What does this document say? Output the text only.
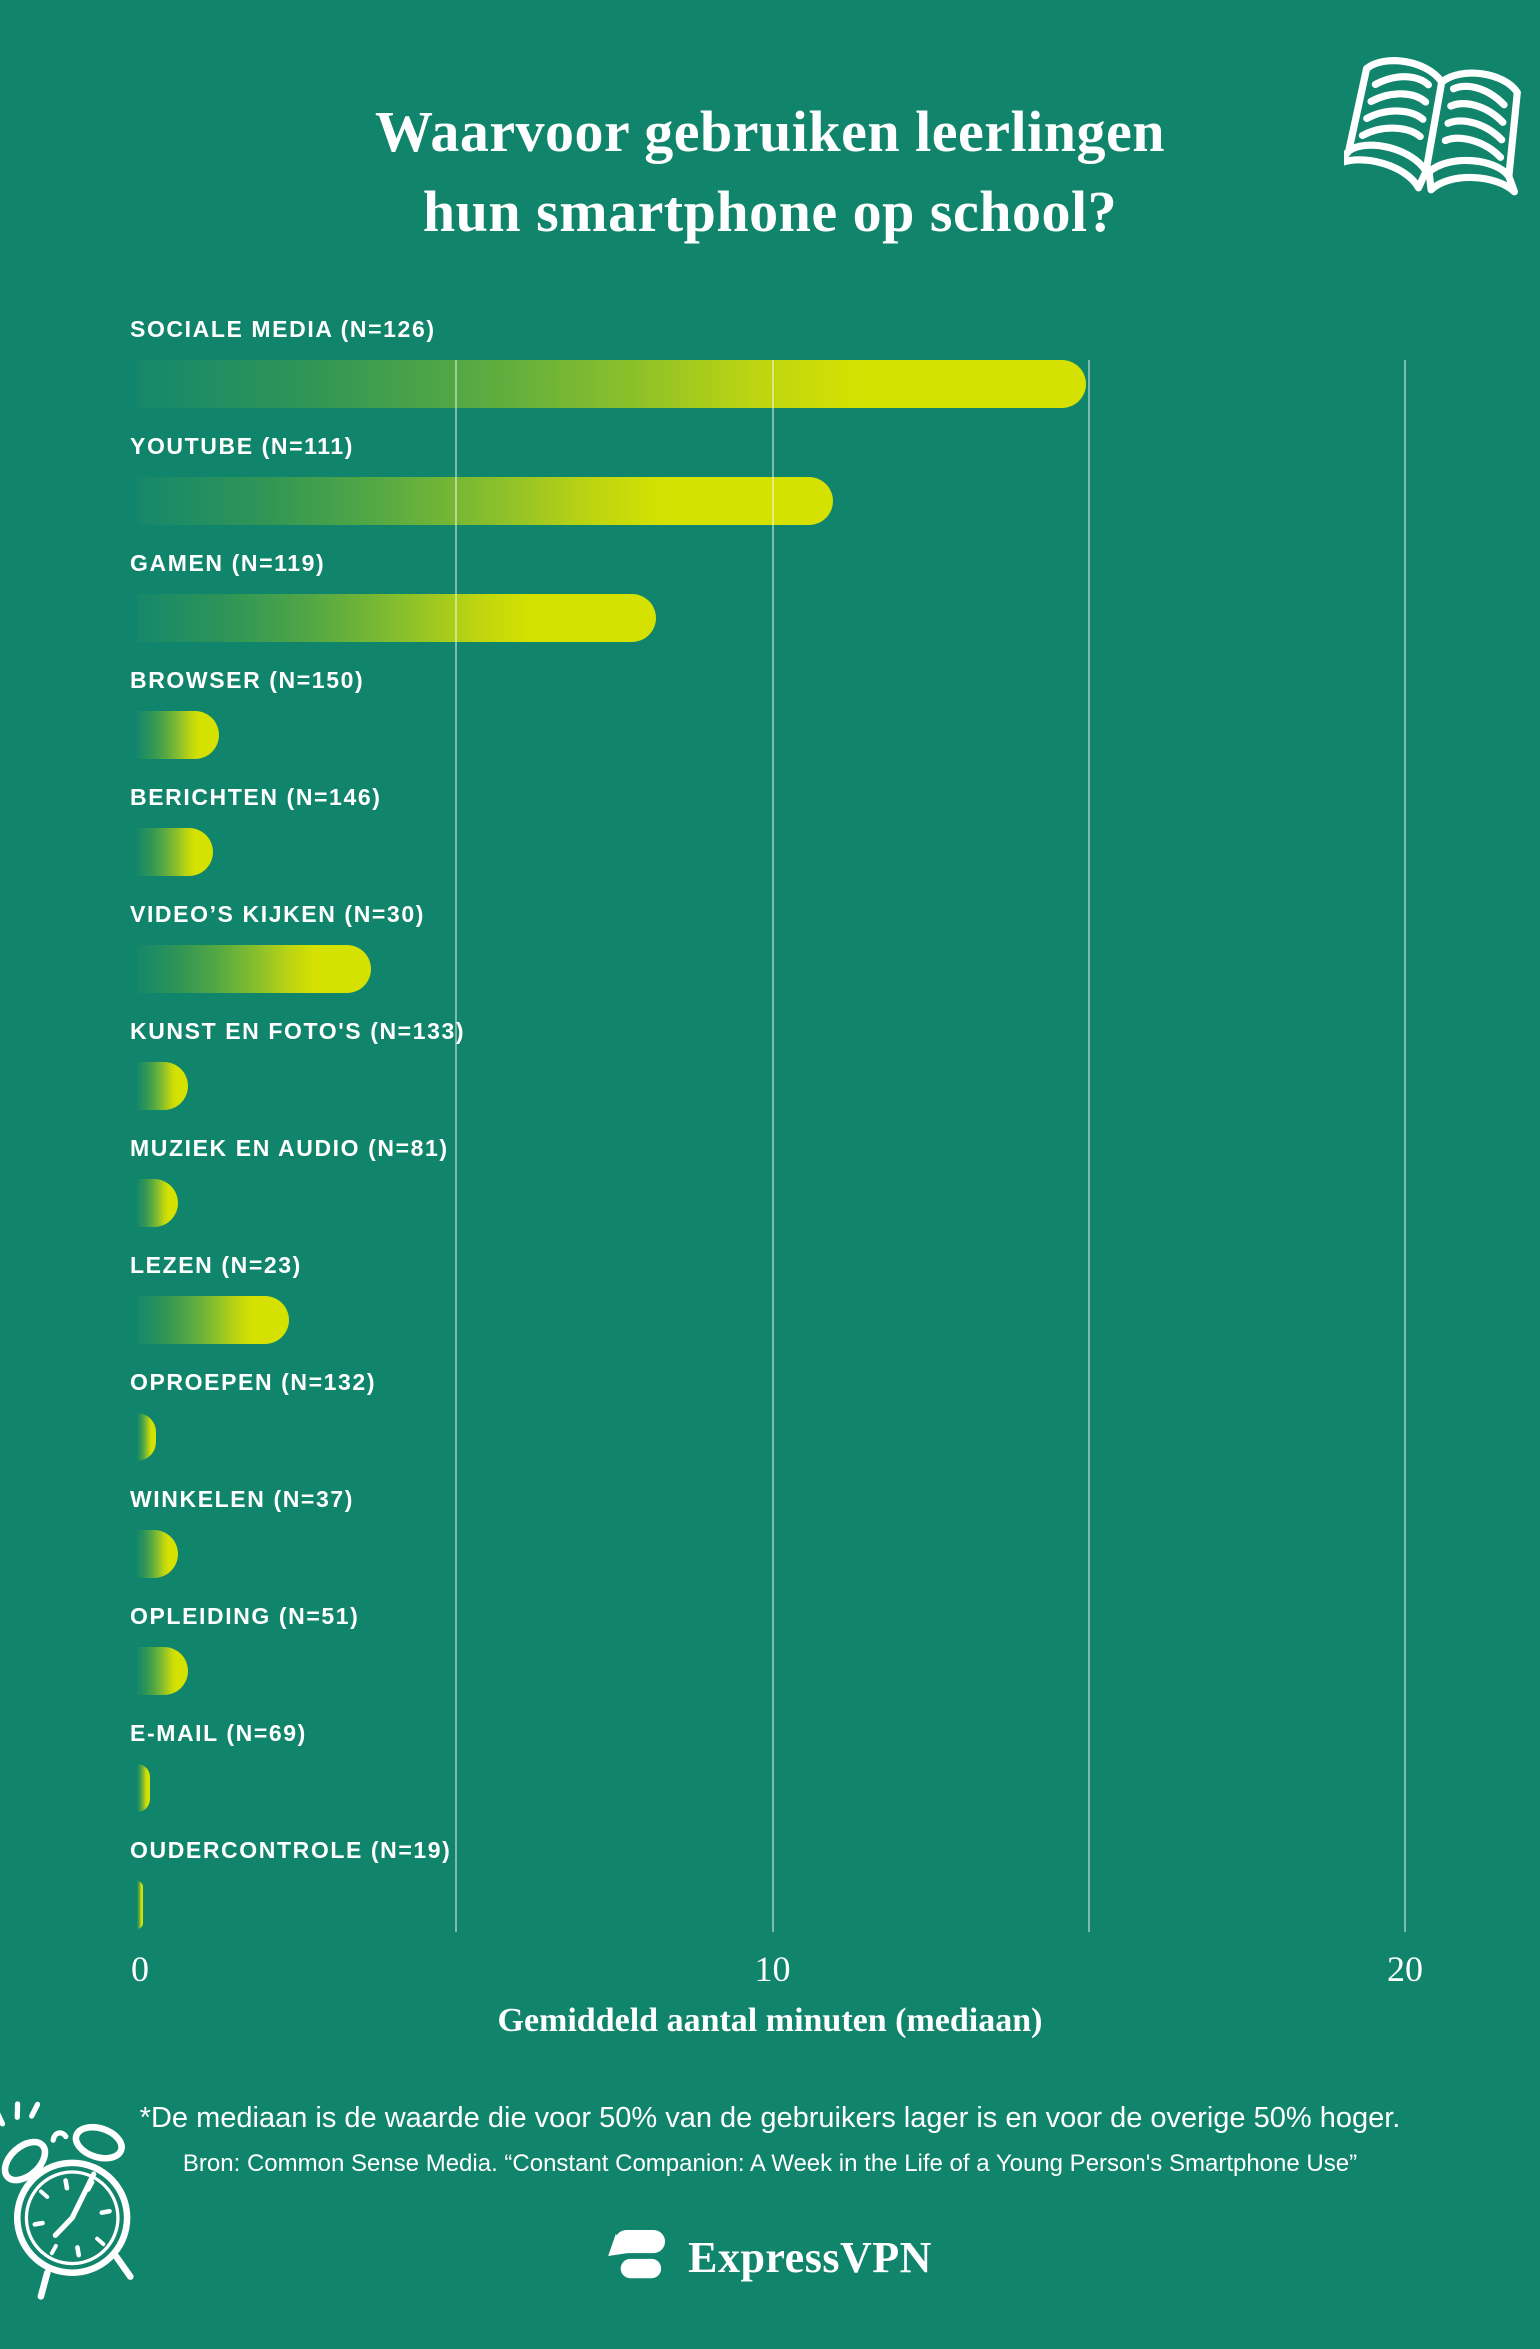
Waarvoor gebruiken leerlingen
hun smartphone op school?
SOCIALE MEDIA (N=126)
YOUTUBE (N=111)
GAMEN (N=119)
BROWSER (N=150)
BERICHTEN (N=146)
VIDEO’S KIJKEN (N=30)
KUNST EN FOTO'S (N=133)
MUZIEK EN AUDIO (N=81)
LEZEN (N=23)
OPROEPEN (N=132)
WINKELEN (N=37)
OPLEIDING (N=51)
E-MAIL (N=69)
OUDERCONTROLE (N=19)
0	10	20
Gemiddeld aantal minuten (mediaan)
*De mediaan is de waarde die voor 50% van de gebruikers lager is en voor de overige 50% hoger.
Bron: Common Sense Media. “Constant Companion: A Week in the Life of a Young Person's Smartphone Use”
ExpressVPN
